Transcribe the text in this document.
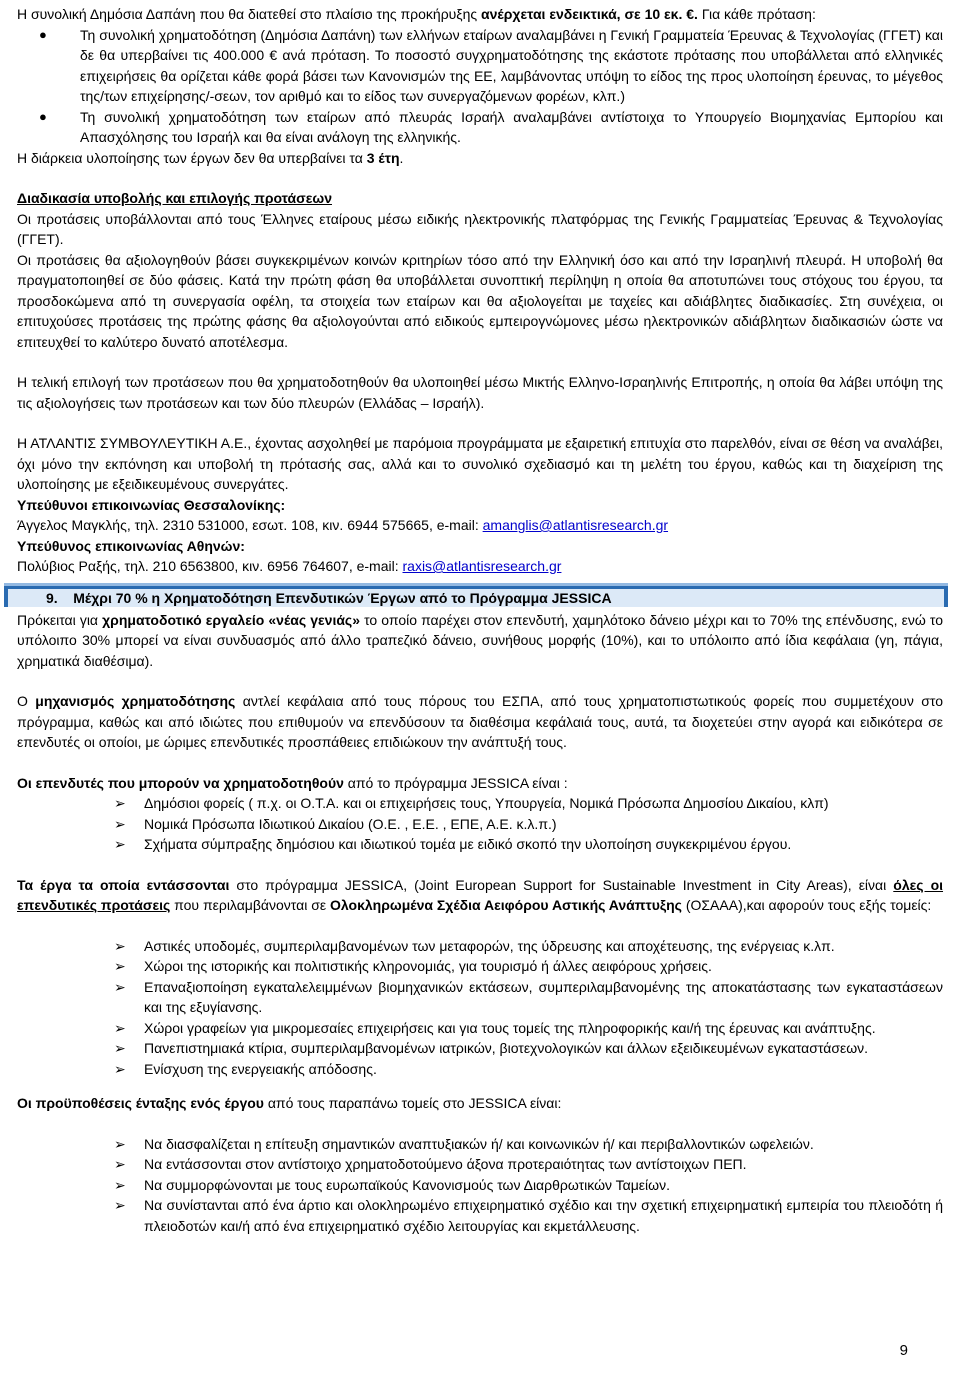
Η συνολική Δημόσια Δαπάνη που θα διατεθεί στο πλαίσιο της προκήρυξης ανέρχεται ενδεικτικά, σε 10 εκ. €. Για κάθε πρόταση:

● Τη συνολική χρηματοδότηση (Δημόσια Δαπάνη) των ελλήνων εταίρων αναλαμβάνει η Γενική Γραμματεία Έρευνας & Τεχνολογίας (ΓΓΕΤ) και δε θα υπερβαίνει τις 400.000 € ανά πρόταση. Το ποσοστό συγχρηματοδότησης της εκάστοτε πρότασης που υποβάλλεται από ελληνικές επιχειρήσεις θα ορίζεται κάθε φορά βάσει των Κανονισμών της ΕΕ, λαμβάνοντας υπόψη το είδος της προς υλοποίηση έρευνας, το μέγεθος της/των επιχείρησης/-σεων, τον αριθμό και το είδος των συνεργαζόμενων φορέων, κλπ.)
● Τη συνολική χρηματοδότηση των εταίρων από πλευράς Ισραήλ αναλαμβάνει αντίστοιχα το Υπουργείο Βιομηχανίας Εμπορίου και Απασχόλησης του Ισραήλ και θα είναι ανάλογη της ελληνικής.

Η διάρκεια υλοποίησης των έργων δεν θα υπερβαίνει τα 3 έτη.

Διαδικασία υποβολής και επιλογής προτάσεων

Οι προτάσεις υποβάλλονται από τους Έλληνες εταίρους μέσω ειδικής ηλεκτρονικής πλατφόρμας της Γενικής Γραμματείας Έρευνας & Τεχνολογίας (ΓΓΕΤ).

Οι προτάσεις θα αξιολογηθούν βάσει συγκεκριμένων κοινών κριτηρίων τόσο από την Ελληνική όσο και από την Ισραηλινή πλευρά. Η υποβολή θα πραγματοποιηθεί σε δύο φάσεις. Κατά την πρώτη φάση θα υποβάλλεται συνοπτική περίληψη η οποία θα αποτυπώνει τους στόχους του έργου, τα προσδοκώμενα από τη συνεργασία οφέλη, τα στοιχεία των εταίρων και θα αξιολογείται με ταχείες και αδιάβλητες διαδικασίες. Στη συνέχεια, οι επιτυχούσες προτάσεις της πρώτης φάσης θα αξιολογούνται από ειδικούς εμπειρογνώμονες μέσω ηλεκτρονικών αδιάβλητων διαδικασιών ώστε να επιτευχθεί το καλύτερο δυνατό αποτέλεσμα.

Η τελική επιλογή των προτάσεων που θα χρηματοδοτηθούν θα υλοποιηθεί μέσω Μικτής Ελληνο-Ισραηλινής Επιτροπής, η οποία θα λάβει υπόψη της τις αξιολογήσεις των προτάσεων και των δύο πλευρών (Ελλάδας – Ισραήλ).

Η ΑΤΛΑΝΤΙΣ ΣΥΜΒΟΥΛΕΥΤΙΚΗ Α.Ε., έχοντας ασχοληθεί με παρόμοια προγράμματα με εξαιρετική επιτυχία στο παρελθόν, είναι σε θέση να αναλάβει, όχι μόνο την εκπόνηση και υποβολή τη πρότασής σας, αλλά και το συνολικό σχεδιασμό και τη μελέτη του έργου, καθώς και τη διαχείριση της υλοποίησης με εξειδικευμένους συνεργάτες.

Υπεύθυνοι επικοινωνίας Θεσσαλονίκης:

Άγγελος Μαγκλής, τηλ. 2310 531000, εσωτ. 108, κιν. 6944 575665, e-mail: amanglis@atlantisresearch.gr

Υπεύθυνος επικοινωνίας Αθηνών:

Πολύβιος Ραξής, τηλ. 210 6563800, κιν. 6956 764607, e-mail: raxis@atlantisresearch.gr

9. Μέχρι 70 % η Χρηματοδότηση Επενδυτικών Έργων από το Πρόγραμμα JESSICA

Πρόκειται για χρηματοδοτικό εργαλείο «νέας γενιάς» το οποίο παρέχει στον επενδυτή, χαμηλότοκο δάνειο μέχρι και το 70% της επένδυσης, ενώ το υπόλοιπο 30% μπορεί να είναι συνδυασμός από άλλο τραπεζικό δάνειο, συνήθους μορφής (10%), και το υπόλοιπο από ίδια κεφάλαια (γη, πάγια, χρηματικά διαθέσιμα).

Ο μηχανισμός χρηματοδότησης αντλεί κεφάλαια από τους πόρους του ΕΣΠΑ, από τους χρηματοπιστωτικούς φορείς που συμμετέχουν στο πρόγραμμα, καθώς και από ιδιώτες που επιθυμούν να επενδύσουν τα διαθέσιμα κεφάλαιά τους, αυτά, τα διοχετεύει στην αγορά και ειδικότερα σε επενδυτές οι οποίοι, με ώριμες επενδυτικές προσπάθειες επιδιώκουν την ανάπτυξή τους.

Οι επενδυτές που μπορούν να χρηματοδοτηθούν από το πρόγραμμα JESSICA είναι :

➢ Δημόσιοι φορείς ( π.χ. οι Ο.Τ.Α. και οι επιχειρήσεις τους, Υπουργεία, Νομικά Πρόσωπα Δημοσίου Δικαίου, κλπ)
➢ Νομικά Πρόσωπα Ιδιωτικού Δικαίου (Ο.Ε. , Ε.Ε. , ΕΠΕ, Α.Ε. κ.λ.π.)
➢ Σχήματα σύμπραξης δημόσιου και ιδιωτικού τομέα με ειδικό σκοπό την υλοποίηση συγκεκριμένου έργου.

Τα έργα τα οποία εντάσσονται στο πρόγραμμα JESSICA, (Joint European Support for Sustainable Investment in City Areas), είναι όλες οι επενδυτικές προτάσεις που περιλαμβάνονται σε Ολοκληρωμένα Σχέδια Αειφόρου Αστικής Ανάπτυξης (ΟΣΑΑΑ),και αφορούν τους εξής τομείς:

➢ Αστικές υποδομές, συμπεριλαμβανομένων των μεταφορών, της ύδρευσης και αποχέτευσης, της ενέργειας κ.λπ.
➢ Χώροι της ιστορικής και πολιτιστικής κληρονομιάς, για τουρισμό ή άλλες αειφόρους χρήσεις.
➢ Επαναξιοποίηση εγκαταλελειμμένων βιομηχανικών εκτάσεων, συμπεριλαμβανομένης της αποκατάστασης των εγκαταστάσεων και της εξυγίανσης.
➢ Χώροι γραφείων για μικρομεσαίες επιχειρήσεις και για τους τομείς της πληροφορικής και/ή της έρευνας και ανάπτυξης.
➢ Πανεπιστημιακά κτίρια, συμπεριλαμβανομένων ιατρικών, βιοτεχνολογικών και άλλων εξειδικευμένων εγκαταστάσεων.
➢ Ενίσχυση της ενεργειακής απόδοσης.

Οι προϋποθέσεις ένταξης ενός έργου από τους παραπάνω τομείς στο JESSICA είναι:

➢ Να διασφαλίζεται η επίτευξη σημαντικών αναπτυξιακών ή/ και κοινωνικών ή/ και περιβαλλοντικών ωφελειών.
➢ Να εντάσσονται στον αντίστοιχο χρηματοδοτούμενο άξονα προτεραιότητας των αντίστοιχων ΠΕΠ.
➢ Να συμμορφώνονται με τους ευρωπαϊκούς Κανονισμούς των Διαρθρωτικών Ταμείων.
➢ Να συνίστανται από ένα άρτιο και ολοκληρωμένο επιχειρηματικό σχέδιο και την σχετική επιχειρηματική εμπειρία του πλειοδότη ή πλειοδοτών και/ή από ένα επιχειρηματικό σχέδιο λειτουργίας και εκμετάλλευσης.
9
